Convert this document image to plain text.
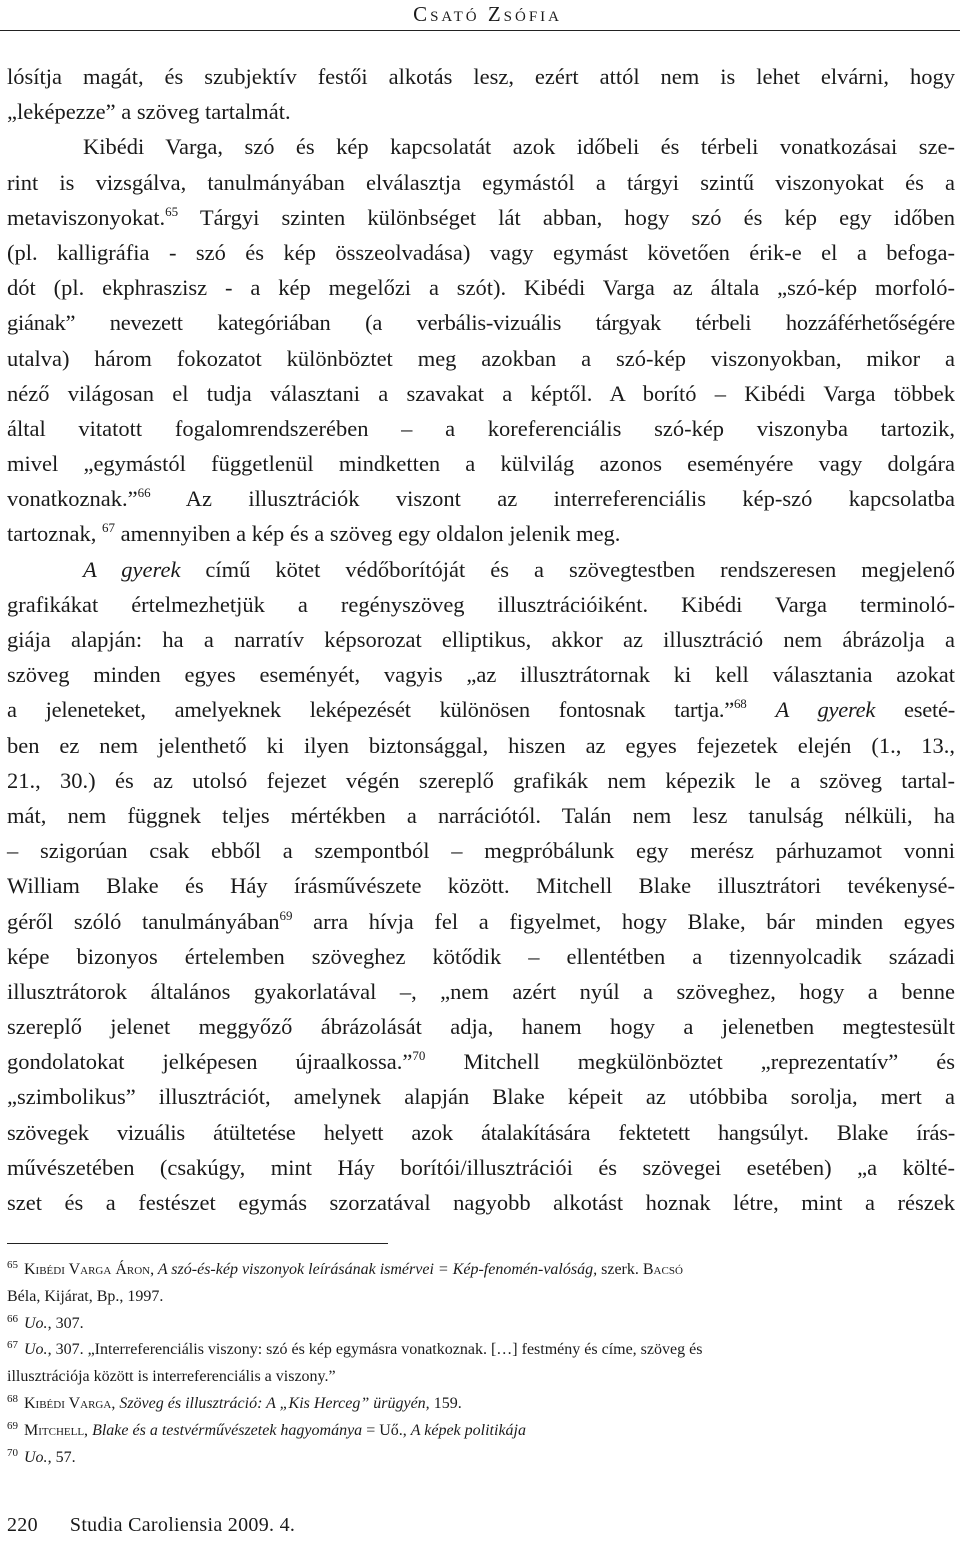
Csató Zsófia
lósítja magát, és szubjektív festői alkotás lesz, ezért attól nem is lehet elvárni, hogy
„leképezze” a szöveg tartalmát.
Kibédi Varga, szó és kép kapcsolatát azok időbeli és térbeli vonatkozásai sze-
rint is vizsgálva, tanulmányában elválasztja egymástól a tárgyi szintű viszonyokat és a
metaviszonyokat.$^{65}$ Tárgyi szinten különbséget lát abban, hogy szó és kép egy időben
(pl. kalligráfia - szó és kép összeolvadása) vagy egymást követően érik-e el a befoga-
dót (pl. ekphraszisz - a kép megelőzi a szót). Kibédi Varga az általa „szó-kép morfoló-
giának” nevezett kategóriában (a verbális-vizuális tárgyak térbeli hozzáférhetőségére
utalva) három fokozatot különböztet meg azokban a szó-kép viszonyokban, mikor a
néző világosan el tudja választani a szavakat a képtől. A borító – Kibédi Varga többek
által vitatott fogalomrendszerében – a koreferenciális szó-kép viszonyba tartozik,
mivel „egymástól függetlenül mindketten a külvilág azonos eseményére vagy dolgára
vonatkoznak.”$^{66}$ Az illusztrációk viszont az interreferenciális kép-szó kapcsolatba
tartoznak, $^{67}$ amennyiben a kép és a szöveg egy oldalon jelenik meg.
A gyerek című kötet védőborítóját és a szövegtestben rendszeresen megjelenő
grafikákat értelmezhetjük a regényszöveg illusztrációiként. Kibédi Varga terminoló-
giája alapján: ha a narratív képsorozat elliptikus, akkor az illusztráció nem ábrázolja a
szöveg minden egyes eseményét, vagyis „az illusztrátornak ki kell választania azokat
a jeleneteket, amelyeknek leképezését különösen fontosnak tartja.”$^{68}$ A gyerek eseté-
ben ez nem jelenthető ki ilyen biztonsággal, hiszen az egyes fejezetek elején (1., 13.,
21., 30.) és az utolsó fejezet végén szereplő grafikák nem képezik le a szöveg tartal-
mát, nem függnek teljes mértékben a narrációtól. Talán nem lesz tanulság nélküli, ha
– szigorúan csak ebből a szempontból – megpróbálunk egy merész párhuzamot vonni
William Blake és Háy írásművészete között. Mitchell Blake illusztrátori tevékenysé-
géről szóló tanulmányában$^{69}$ arra hívja fel a figyelmet, hogy Blake, bár minden egyes
képe bizonyos értelemben szöveghez kötődik – ellentétben a tizennyolcadik századi
illusztrátorok általános gyakorlatával –, „nem azért nyúl a szöveghez, hogy a benne
szereplő jelenet meggyőző ábrázolását adja, hanem hogy a jelenetben megtestesült
gondolatokat jelképesen újraalkossa.”$^{70}$ Mitchell megkülönböztet „reprezentatív” és
„szimbolikus” illusztrációt, amelynek alapján Blake képeit az utóbbiba sorolja, mert a
szövegek vizuális átültetése helyett azok átalakítására fektetett hangsúlyt. Blake írás-
művészetében (csakúgy, mint Háy borítói/illusztrációi és szövegei esetében) „a költé-
szet és a festészet egymás szorzatával nagyobb alkotást hoznak létre, mint a részek
$^{65}$ Kibédi Varga Áron, A szó-és-kép viszonyok leírásának ismérvei = Kép-fenomén-valóság, szerk. Bacsó
Béla, Kijárat, Bp., 1997.
$^{66}$ Uo., 307.
$^{67}$ Uo., 307. „Interreferenciális viszony: szó és kép egymásra vonatkoznak. […] festmény és címe, szöveg és
illusztrációja között is interreferenciális a viszony.”
$^{68}$ Kibédi Varga, Szöveg és illusztráció: A „Kis Herceg” ürügyén, 159.
$^{69}$ Mitchell, Blake és a testvérművészetek hagyománya = Uő., A képek politikája
$^{70}$ Uo., 57.
220 Studia Caroliensia 2009. 4.
